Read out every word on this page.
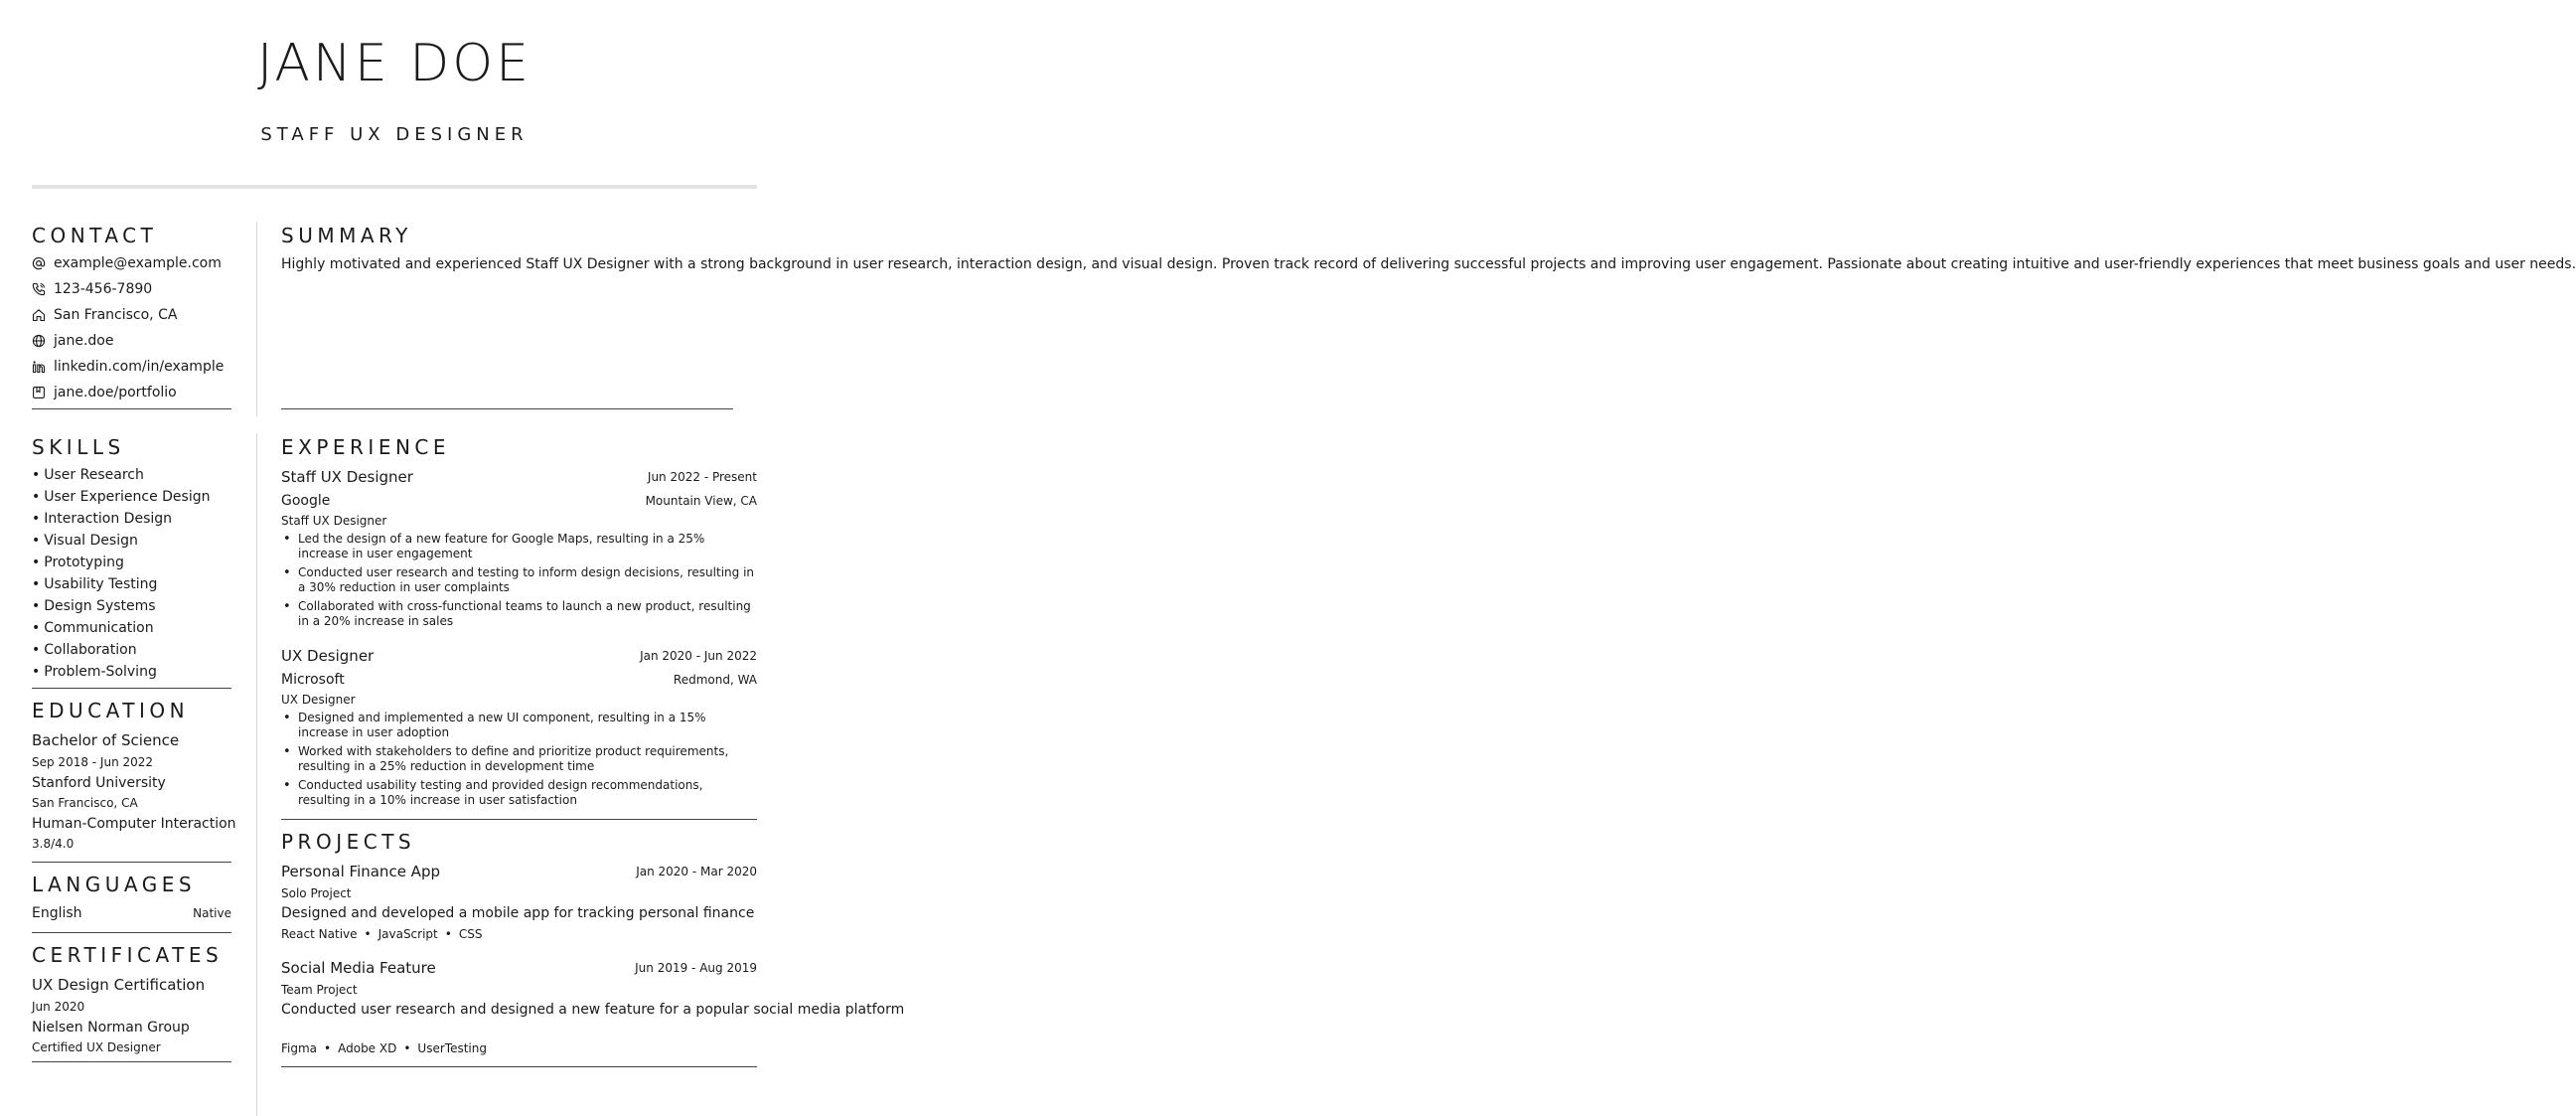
JANE DOE
STAFF UX DESIGNER
CONTACT
example@example.com
123-456-7890
San Francisco, CA
jane.doe
linkedin.com/in/example
jane.doe/portfolio
SKILLS
• User Research
• User Experience Design
• Interaction Design
• Visual Design
• Prototyping
• Usability Testing
• Design Systems
• Communication
• Collaboration
• Problem-Solving
EDUCATION
Bachelor of Science
Sep 2018 - Jun 2022
Stanford University
San Francisco, CA
Human-Computer Interaction
3.8/4.0
LANGUAGES
English	Native
CERTIFICATES
UX Design Certification
Jun 2020
Nielsen Norman Group
Certified UX Designer
SUMMARY
Highly motivated and experienced Staff UX Designer with a strong background in user research, interaction design, and visual design. Proven track record of delivering successful projects and improving user engagement. Passionate about creating intuitive and user-friendly experiences that meet business goals and user needs.
EXPERIENCE
Staff UX Designer	Jun 2022 - Present
Google	Mountain View, CA
Staff UX Designer
• Led the design of a new feature for Google Maps, resulting in a 25% increase in user engagement
• Conducted user research and testing to inform design decisions, resulting in a 30% reduction in user complaints
• Collaborated with cross-functional teams to launch a new product, resulting in a 20% increase in sales
UX Designer	Jan 2020 - Jun 2022
Microsoft	Redmond, WA
UX Designer
• Designed and implemented a new UI component, resulting in a 15% increase in user adoption
• Worked with stakeholders to define and prioritize product requirements, resulting in a 25% reduction in development time
• Conducted usability testing and provided design recommendations, resulting in a 10% increase in user satisfaction
PROJECTS
Personal Finance App	Jan 2020 - Mar 2020
Solo Project
Designed and developed a mobile app for tracking personal finance
React Native • JavaScript • CSS
Social Media Feature	Jun 2019 - Aug 2019
Team Project
Conducted user research and designed a new feature for a popular social media platform
Figma • Adobe XD • UserTesting
